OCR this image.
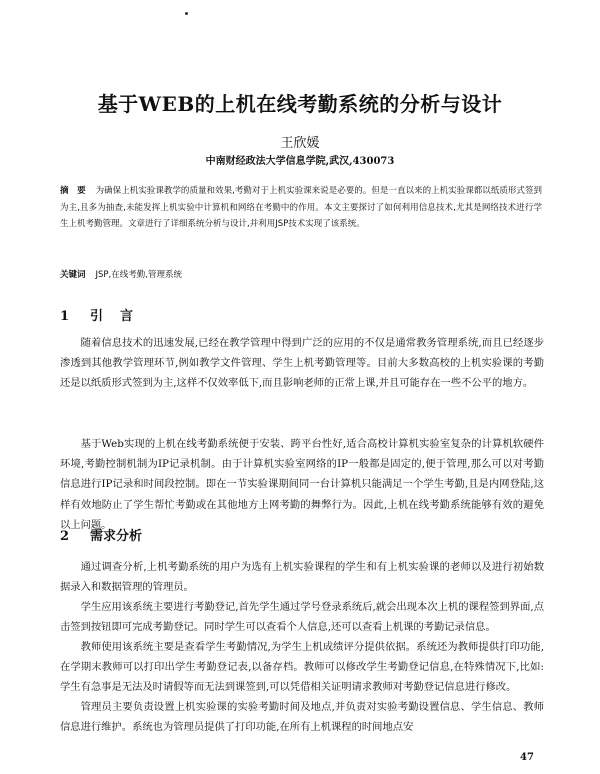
基于WEB的上机在线考勤系统的分析与设计
王欣媛
中南财经政法大学信息学院,武汉,430073
摘　要 为确保上机实验课教学的质量和效果,考勤对于上机实验课来说是必要的。但是一直以来的上机实验课都以纸质形式签到为主,且多为抽查,未能发挥上机实验中计算机和网络在考勤中的作用。本文主要探讨了如何利用信息技术,尤其是网络技术进行学生上机考勤管理。文章进行了详细系统分析与设计,并利用JSP技术实现了该系统。
关键词 JSP,在线考勤,管理系统
1 引　言

随着信息技术的迅速发展,已经在教学管理中得到广泛的应用的不仅是通常教务管理系统,而且已经逐步渗透到其他教学管理环节,例如教学文件管理、学生上机考勤管理等。目前大多数高校的上机实验课的考勤还是以纸质形式签到为主,这样不仅效率低下,而且影响老师的正常上课,并且可能存在一些不公平的地方。

基于Web实现的上机在线考勤系统便于安装、跨平台性好,适合高校计算机实验室复杂的计算机软硬件环境,考勤控制机制为IP记录机制。由于计算机实验室网络的IP一般都是固定的,便于管理,那么可以对考勤信息进行IP记录和时间段控制。即在一节实验课期间同一台计算机只能满足一个学生考勤,且是内网登陆,这样有效地防止了学生帮忙考勤或在其他地方上网考勤的舞弊行为。因此,上机在线考勤系统能够有效的避免以上问题。

2 需求分析

通过调查分析,上机考勤系统的用户为选有上机实验课程的学生和有上机实验课的老师以及进行初始数据录入和数据管理的管理员。

学生应用该系统主要进行考勤登记,首先学生通过学号登录系统后,就会出现本次上机的课程签到界面,点击签到按钮即可完成考勤登记。同时学生可以查看个人信息,还可以查看上机课的考勤记录信息。

教师使用该系统主要是查看学生考勤情况,为学生上机成绩评分提供依据。系统还为教师提供打印功能,在学期末教师可以打印出学生考勤登记表,以备存档。教师可以修改学生考勤登记信息,在特殊情况下,比如:学生有急事是无法及时请假等而无法到课签到,可以凭借相关证明请求教师对考勤登记信息进行修改。

管理员主要负责设置上机实验课的实验考勤时间及地点,并负责对实验考勤设置信息、学生信息、教师信息进行维护。系统也为管理员提供了打印功能,在所有上机课程的时间地点安

47
